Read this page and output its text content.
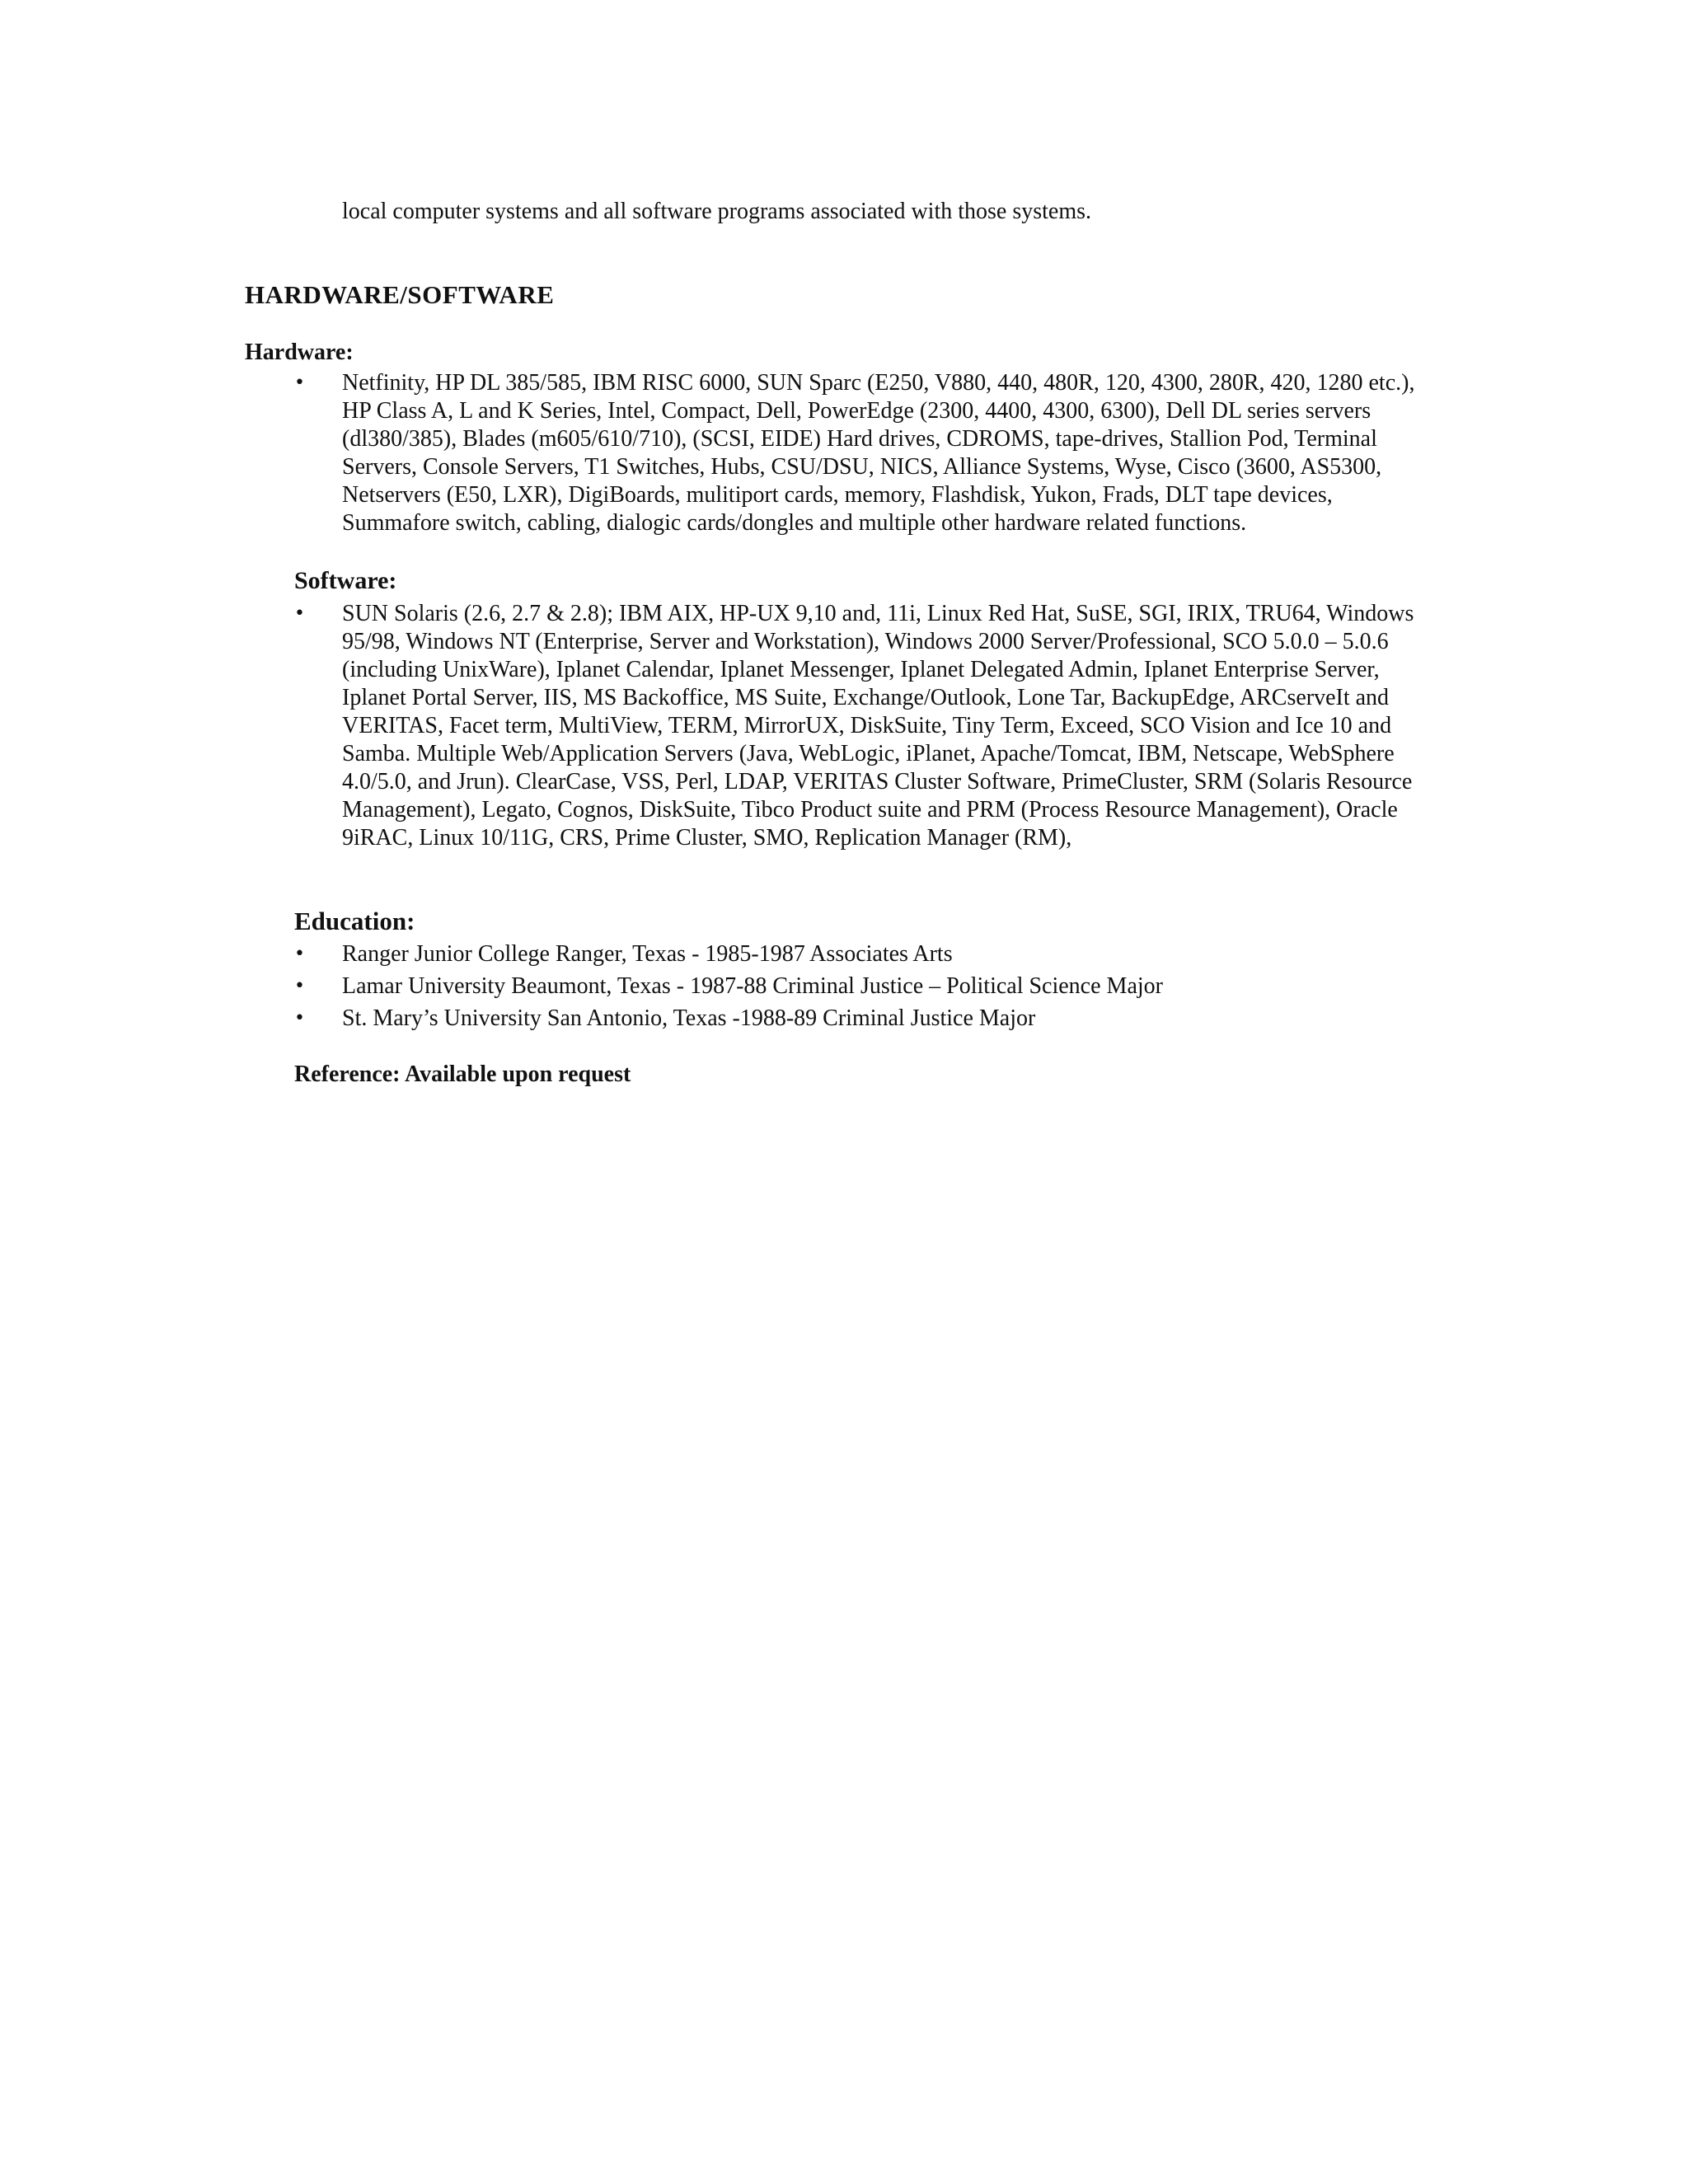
local computer systems and all software programs associated with those systems.
HARDWARE/SOFTWARE
Hardware:
•	Netfinity, HP DL 385/585, IBM RISC 6000, SUN Sparc (E250, V880, 440, 480R, 120, 4300, 280R, 420, 1280 etc.), HP Class A, L and K Series, Intel, Compact, Dell, PowerEdge (2300, 4400, 4300, 6300), Dell DL series servers (dl380/385), Blades (m605/610/710), (SCSI, EIDE) Hard drives, CDROMS, tape-drives, Stallion Pod, Terminal Servers, Console Servers, T1 Switches, Hubs, CSU/DSU, NICS, Alliance Systems, Wyse, Cisco (3600, AS5300, Netservers (E50, LXR), DigiBoards, mulitiport cards, memory, Flashdisk, Yukon, Frads, DLT tape devices, Summafore switch, cabling, dialogic cards/dongles and multiple other hardware related functions.
Software:
•	SUN Solaris (2.6, 2.7 & 2.8); IBM AIX, HP-UX 9,10 and, 11i, Linux Red Hat, SuSE, SGI, IRIX, TRU64, Windows 95/98, Windows NT (Enterprise, Server and Workstation), Windows 2000 Server/Professional, SCO 5.0.0 – 5.0.6 (including UnixWare), Iplanet Calendar, Iplanet Messenger, Iplanet Delegated Admin, Iplanet Enterprise Server, Iplanet Portal Server, IIS, MS Backoffice, MS Suite, Exchange/Outlook, Lone Tar, BackupEdge, ARCserveIt and VERITAS, Facet term, MultiView, TERM, MirrorUX, DiskSuite, Tiny Term, Exceed, SCO Vision and Ice 10 and Samba. Multiple Web/Application Servers (Java, WebLogic, iPlanet, Apache/Tomcat, IBM, Netscape, WebSphere 4.0/5.0, and Jrun). ClearCase, VSS, Perl, LDAP, VERITAS Cluster Software, PrimeCluster, SRM (Solaris Resource Management), Legato, Cognos, DiskSuite, Tibco Product suite and PRM (Process Resource Management), Oracle 9iRAC, Linux 10/11G, CRS, Prime Cluster, SMO, Replication Manager (RM),
Education:
•	Ranger Junior College Ranger, Texas - 1985-1987 Associates Arts
•	Lamar University Beaumont, Texas - 1987-88 Criminal Justice – Political Science Major
•	St. Mary’s University San Antonio, Texas -1988-89 Criminal Justice Major
Reference: Available upon request
